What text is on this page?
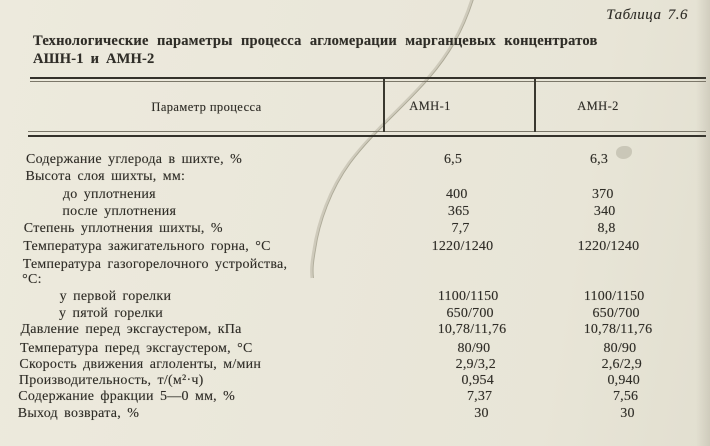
Таблица 7.6
Технологические параметры процесса агломерации марганцевых концентратов
АШН-1 и АМН-2
Параметр процесса	АМН-1	АМН-2
Содержание углерода в шихте, %	6,5	6,3
Высота слоя шихты, мм:
до уплотнения	400	370
после уплотнения	365	340
Степень уплотнения шихты, %	7,7	8,8
Температура зажигательного горна, °С	1220/1240	1220/1240
Температура газогорелочного устройства,
°С:
у первой горелки	1100/1150	1100/1150
у пятой горелки	650/700	650/700
Давление перед эксгаустером, кПа	10,78/11,76	10,78/11,76
Температура перед эксгаустером, °С	80/90	80/90
Скорость движения аглоленты, м/мин	2,9/3,2	2,6/2,9
Производительность, т/(м²·ч)	0,954	0,940
Содержание фракции 5—0 мм, %	7,37	7,56
Выход возврата, %	30	30
